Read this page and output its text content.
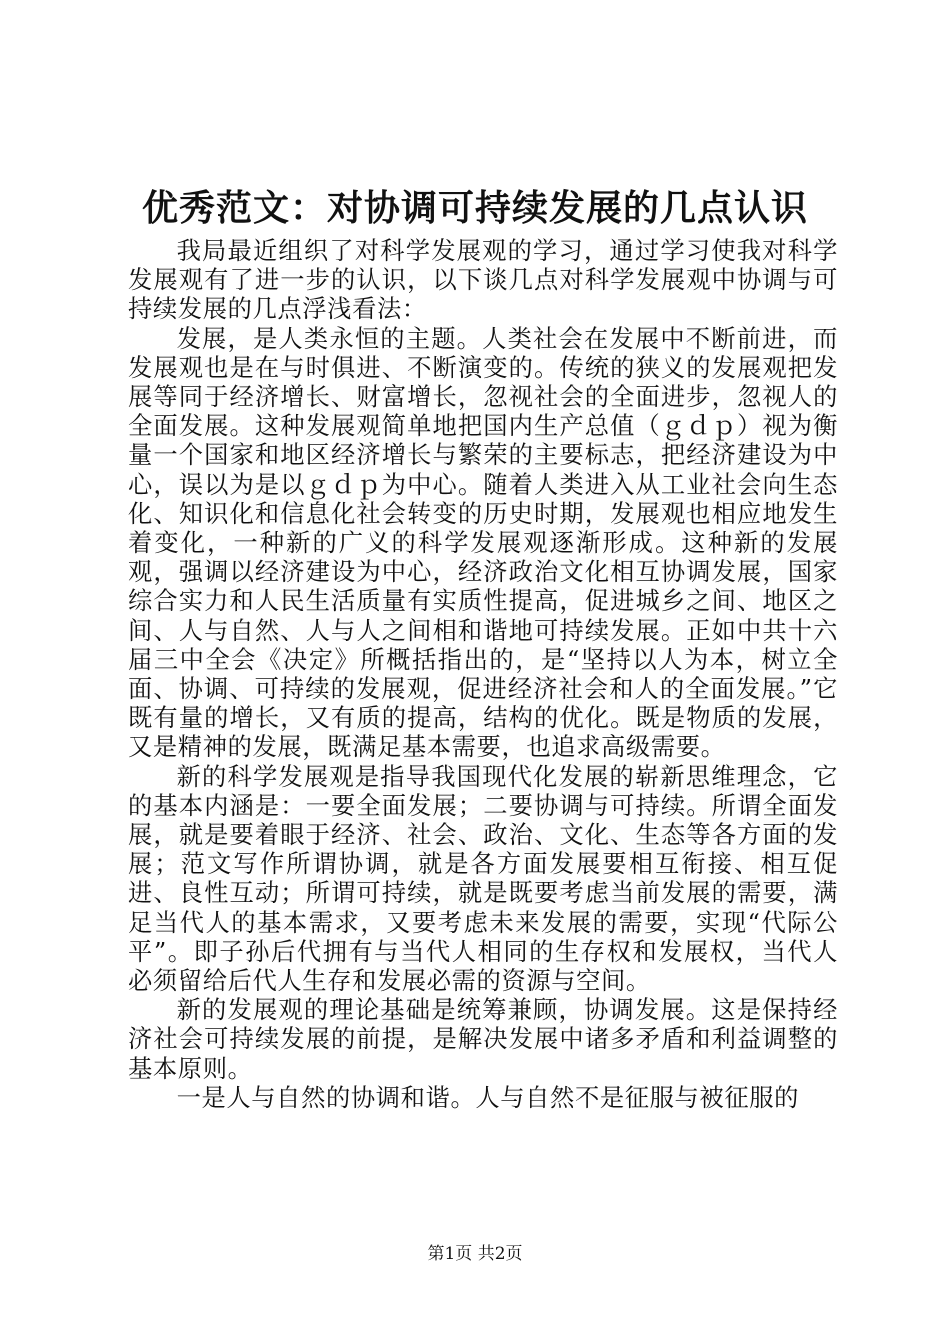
优秀范文：对协调可持续发展的几点认识

我局最近组织了对科学发展观的学习，通过学习使我对科学发展观有了进一步的认识，以下谈几点对科学发展观中协调与可持续发展的几点浮浅看法：

发展，是人类永恒的主题。人类社会在发展中不断前进，而发展观也是在与时俱进、不断演变的。传统的狭义的发展观把发展等同于经济增长、财富增长，忽视社会的全面进步，忽视人的全面发展。这种发展观简单地把国内生产总值（ｇｄｐ）视为衡量一个国家和地区经济增长与繁荣的主要标志，把经济建设为中心，误以为是以ｇｄｐ为中心。随着人类进入从工业社会向生态化、知识化和信息化社会转变的历史时期，发展观也相应地发生着变化，一种新的广义的科学发展观逐渐形成。这种新的发展观，强调以经济建设为中心，经济政治文化相互协调发展，国家综合实力和人民生活质量有实质性提高，促进城乡之间、地区之间、人与自然、人与人之间相和谐地可持续发展。正如中共十六届三中全会《决定》所概括指出的，是“坚持以人为本，树立全面、协调、可持续的发展观，促进经济社会和人的全面发展。”它既有量的增长，又有质的提高，结构的优化。既是物质的发展，又是精神的发展，既满足基本需要，也追求高级需要。

新的科学发展观是指导我国现代化发展的崭新思维理念，它的基本内涵是：一要全面发展；二要协调与可持续。所谓全面发展，就是要着眼于经济、社会、政治、文化、生态等各方面的发展；范文写作所谓协调，就是各方面发展要相互衔接、相互促进、良性互动；所谓可持续，就是既要考虑当前发展的需要，满足当代人的基本需求，又要考虑未来发展的需要，实现“代际公平”。即子孙后代拥有与当代人相同的生存权和发展权，当代人必须留给后代人生存和发展必需的资源与空间。

新的发展观的理论基础是统筹兼顾，协调发展。这是保持经济社会可持续发展的前提，是解决发展中诸多矛盾和利益调整的基本原则。

一是人与自然的协调和谐。人与自然不是征服与被征服的

第1页 共2页
